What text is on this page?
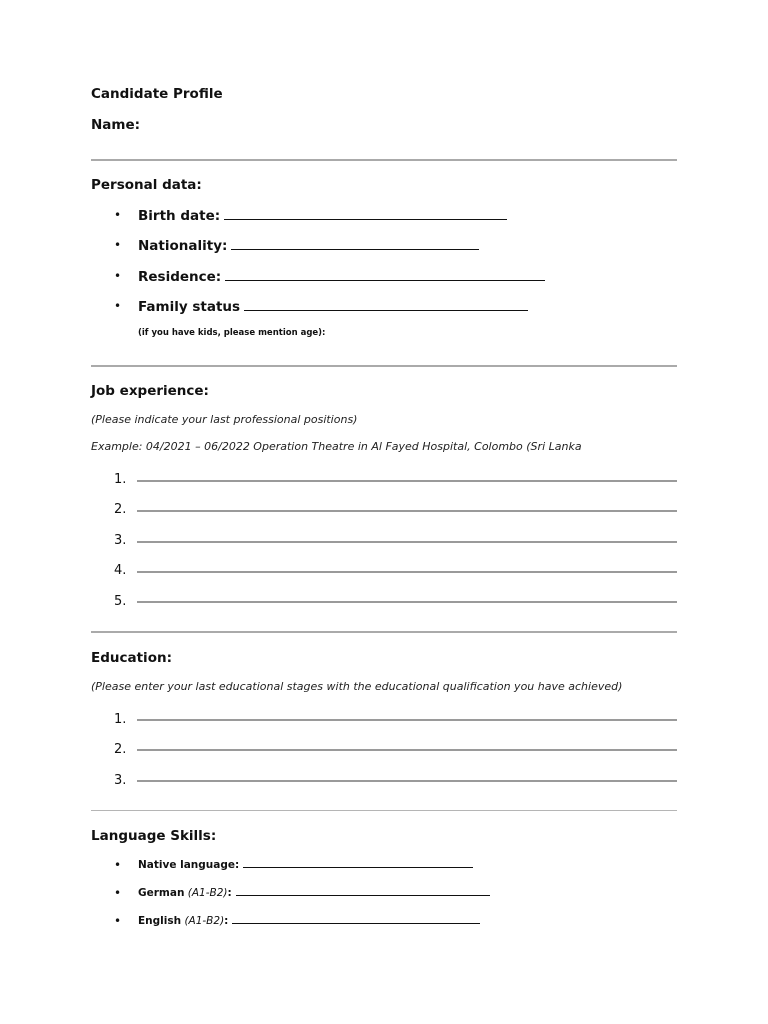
Candidate Profile
Name:
Personal data:
• Birth date:
• Nationality:
• Residence:
• Family status
(if you have kids, please mention age):
Job experience:
(Please indicate your last professional positions)
Example: 04/2021 – 06/2022 Operation Theatre in Al Fayed Hospital, Colombo (Sri Lanka
1.
2.
3.
4.
5.
Education:
(Please enter your last educational stages with the educational qualification you have achieved)
1.
2.
3.
Language Skills:
• Native language:
• German (A1-B2):
• English (A1-B2):
